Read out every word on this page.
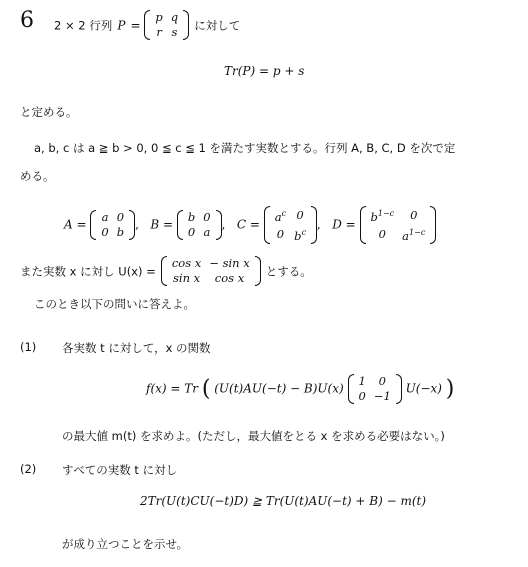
6 2 × 2 行列 P =
p	q
r	s に対して
Tr(P) = p + s
と定める。
a, b, c は a ≧ b > 0, 0 ≦ c ≦ 1 を満たす実数とする。行列 A, B, C, D を次で定
める。
A =
a	0
0	b
,   B =
b	0
0	a
,   C =
$a^c$	0
0	$b^c$
,   D =
$b^{1-c}$	0
0	$a^{1-c}$
また実数 x に対し U(x) =
cos x	− sin x
sin x	cos x とする。
このとき以下の問いに答えよ。
(1) 各実数 t に対して，x の関数
f(x) = Tr ( (U(t)AU(−t) − B)U(x)
1	0
0	−1
U(−x) )
の最大値 m(t) を求めよ。(ただし，最大値をとる x を求める必要はない。)
(2) すべての実数 t に対し
2Tr(U(t)CU(−t)D) ≧ Tr(U(t)AU(−t) + B) − m(t)
が成り立つことを示せ。
